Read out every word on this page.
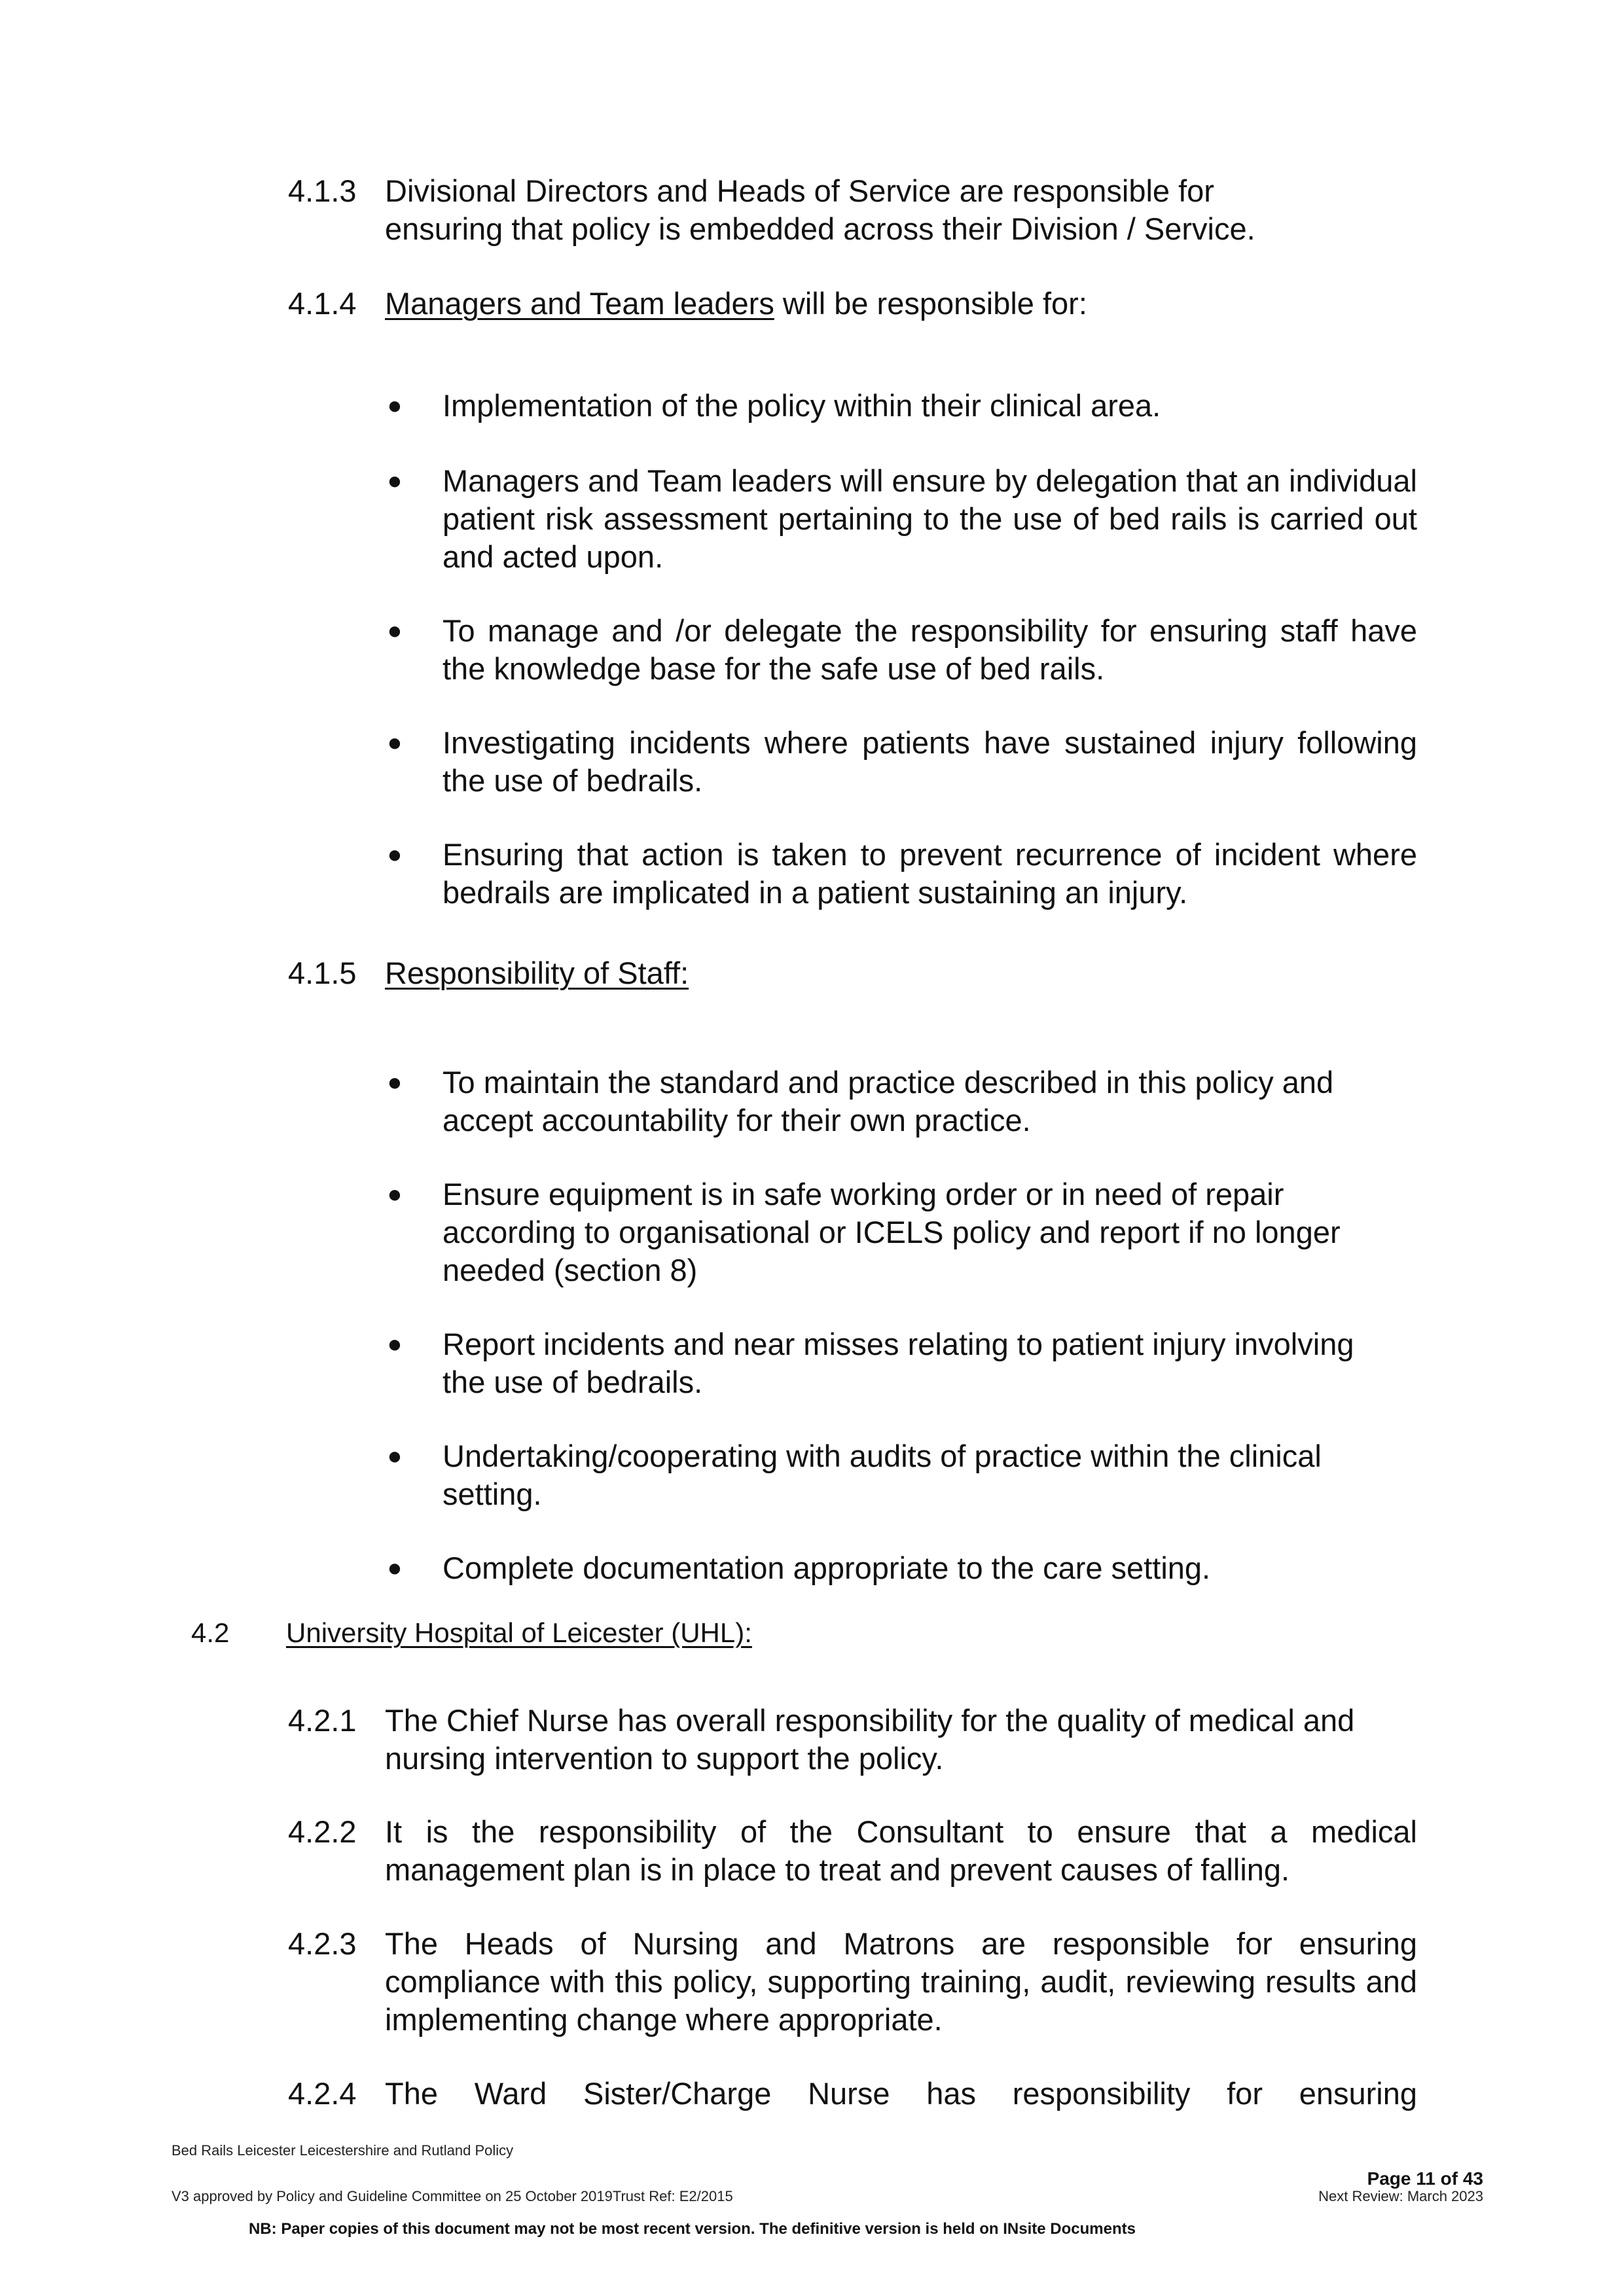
4.1.3 Divisional Directors and Heads of Service are responsible for
ensuring that policy is embedded across their Division / Service.
4.1.4 Managers and Team leaders will be responsible for:
● Implementation of the policy within their clinical area.
● Managers and Team leaders will ensure by delegation that an individual patient risk assessment pertaining to the use of bed rails is carried out and acted upon.
● To manage and /or delegate the responsibility for ensuring staff have the knowledge base for the safe use of bed rails.
● Investigating incidents where patients have sustained injury following the use of bedrails.
● Ensuring that action is taken to prevent recurrence of incident where bedrails are implicated in a patient sustaining an injury.
4.1.5 Responsibility of Staff:
● To maintain the standard and practice described in this policy and accept accountability for their own practice.
● Ensure equipment is in safe working order or in need of repair according to organisational or ICELS policy and report if no longer needed (section 8)
● Report incidents and near misses relating to patient injury involving the use of bedrails.
● Undertaking/cooperating with audits of practice within the clinical setting.
● Complete documentation appropriate to the care setting.
4.2 University Hospital of Leicester (UHL):
4.2.1 The Chief Nurse has overall responsibility for the quality of medical and nursing intervention to support the policy.
4.2.2 It is the responsibility of the Consultant to ensure that a medical management plan is in place to treat and prevent causes of falling.
4.2.3 The Heads of Nursing and Matrons are responsible for ensuring compliance with this policy, supporting training, audit, reviewing results and implementing change where appropriate.
4.2.4 The Ward Sister/Charge Nurse has responsibility for ensuring
Bed Rails Leicester Leicestershire and Rutland Policy
Page 11 of 43
V3 approved by Policy and Guideline Committee on 25 October 2019Trust Ref: E2/2015	Next Review: March 2023
NB: Paper copies of this document may not be most recent version. The definitive version is held on INsite Documents
